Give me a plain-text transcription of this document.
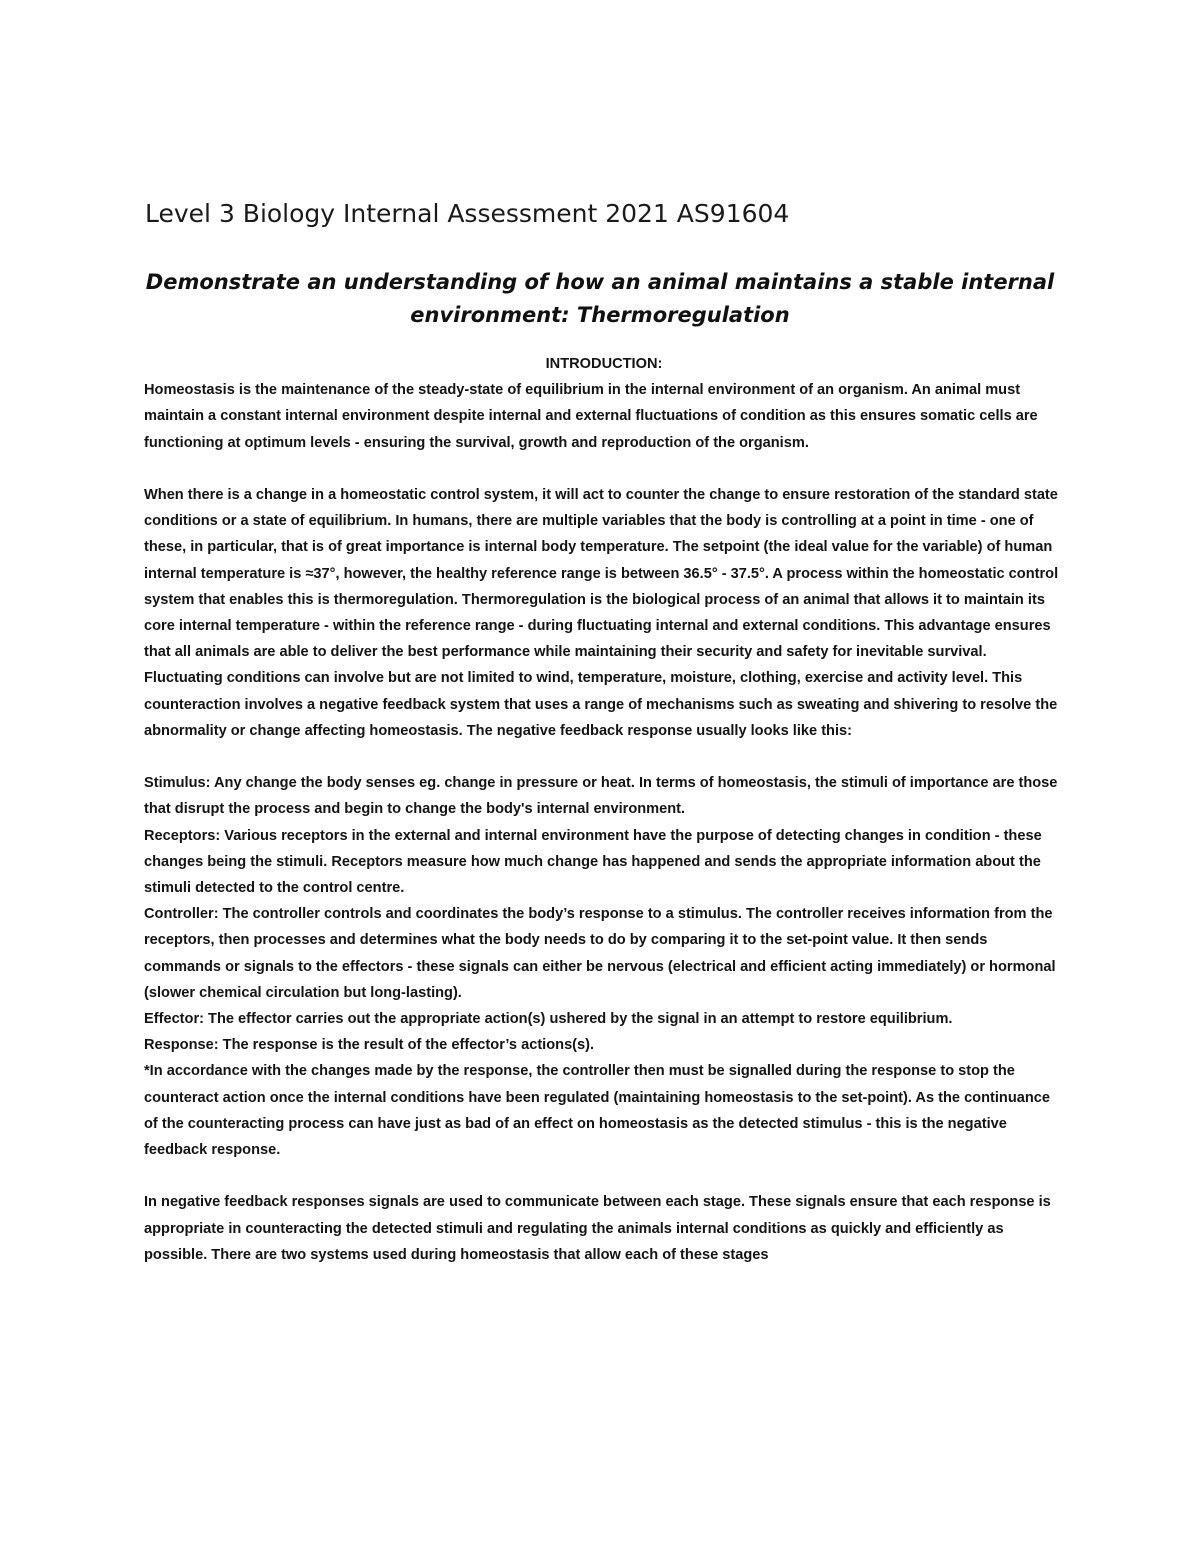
Level 3 Biology Internal Assessment 2021 AS91604
Demonstrate an understanding of how an animal maintains a stable internal environment: Thermoregulation

INTRODUCTION:

Homeostasis is the maintenance of the steady-state of equilibrium in the internal environment of an organism. An animal must maintain a constant internal environment despite internal and external fluctuations of condition as this ensures somatic cells are functioning at optimum levels - ensuring the survival, growth and reproduction of the organism.

When there is a change in a homeostatic control system, it will act to counter the change to ensure restoration of the standard state conditions or a state of equilibrium. In humans, there are multiple variables that the body is controlling at a point in time - one of these, in particular, that is of great importance is internal body temperature. The setpoint (the ideal value for the variable) of human internal temperature is ≈37°, however, the healthy reference range is between 36.5° - 37.5°. A process within the homeostatic control system that enables this is thermoregulation. Thermoregulation is the biological process of an animal that allows it to maintain its core internal temperature - within the reference range - during fluctuating internal and external conditions. This advantage ensures that all animals are able to deliver the best performance while maintaining their security and safety for inevitable survival. Fluctuating conditions can involve but are not limited to wind, temperature, moisture, clothing, exercise and activity level. This counteraction involves a negative feedback system that uses a range of mechanisms such as sweating and shivering to resolve the abnormality or change affecting homeostasis. The negative feedback response usually looks like this:

Stimulus: Any change the body senses eg. change in pressure or heat. In terms of homeostasis, the stimuli of importance are those that disrupt the process and begin to change the body's internal environment.

Receptors: Various receptors in the external and internal environment have the purpose of detecting changes in condition - these changes being the stimuli. Receptors measure how much change has happened and sends the appropriate information about the stimuli detected to the control centre.

Controller: The controller controls and coordinates the body’s response to a stimulus. The controller receives information from the receptors, then processes and determines what the body needs to do by comparing it to the set-point value. It then sends commands or signals to the effectors - these signals can either be nervous (electrical and efficient acting immediately) or hormonal (slower chemical circulation but long-lasting).

Effector: The effector carries out the appropriate action(s) ushered by the signal in an attempt to restore equilibrium.

Response: The response is the result of the effector’s actions(s).

*In accordance with the changes made by the response, the controller then must be signalled during the response to stop the counteract action once the internal conditions have been regulated (maintaining homeostasis to the set-point). As the continuance of the counteracting process can have just as bad of an effect on homeostasis as the detected stimulus - this is the negative feedback response.

In negative feedback responses signals are used to communicate between each stage. These signals ensure that each response is appropriate in counteracting the detected stimuli and regulating the animals internal conditions as quickly and efficiently as possible. There are two systems used during homeostasis that allow each of these stages
